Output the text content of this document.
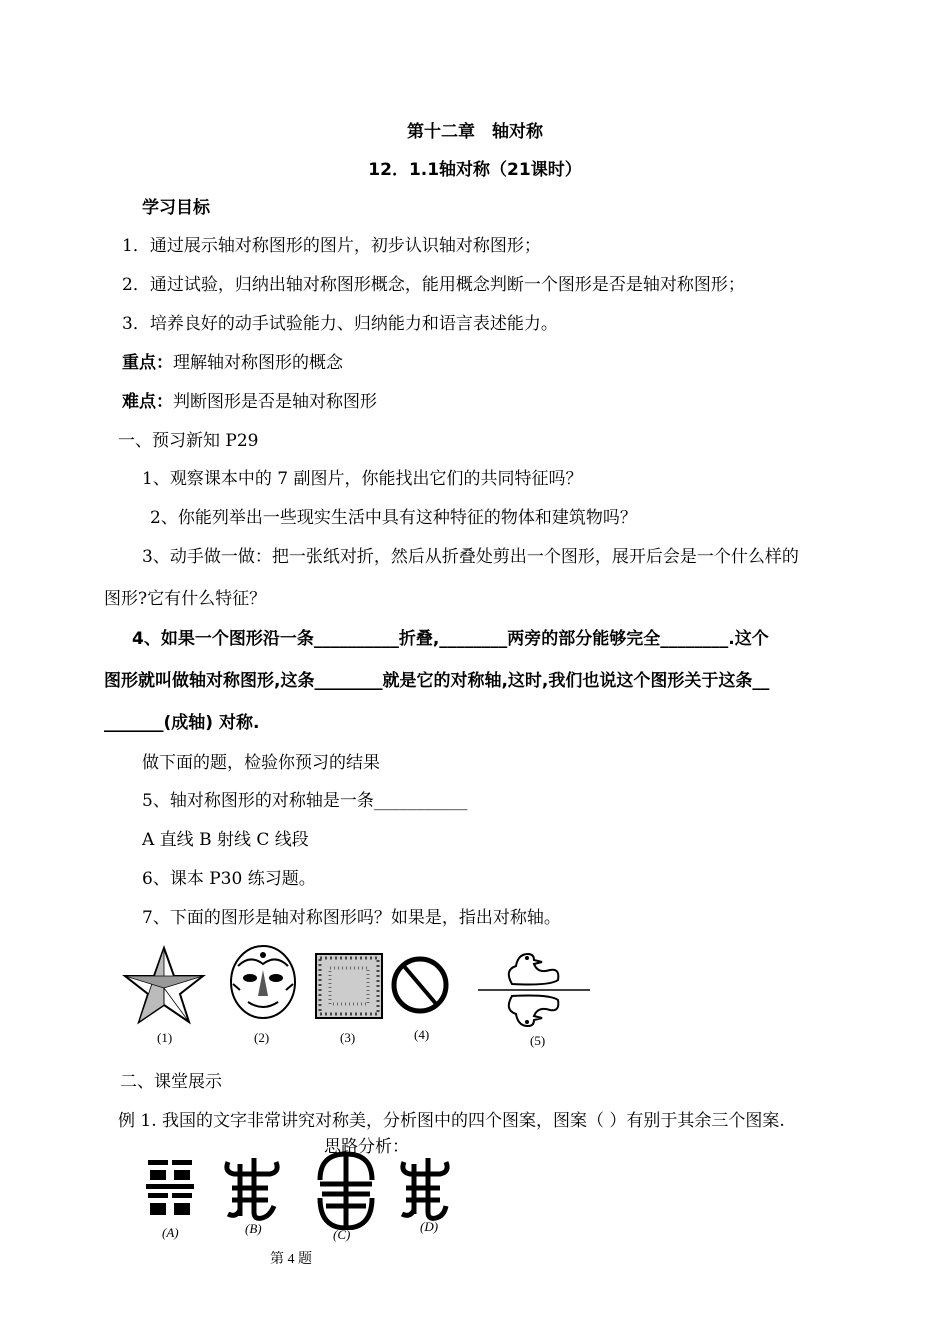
第十二章　轴对称
12．1.1轴对称（21课时）
学习目标
1．通过展示轴对称图形的图片，初步认识轴对称图形；
2．通过试验，归纳出轴对称图形概念，能用概念判断一个图形是否是轴对称图形；
3．培养良好的动手试验能力、归纳能力和语言表述能力。
重点：理解轴对称图形的概念
难点：判断图形是否是轴对称图形
一、预习新知 P29
1、观察课本中的 7 副图片，你能找出它们的共同特征吗？
2、你能列举出一些现实生活中具有这种特征的物体和建筑物吗？
3、动手做一做：把一张纸对折，然后从折叠处剪出一个图形，展开后会是一个什么样的
图形?它有什么特征？
4、如果一个图形沿一条__________折叠,________两旁的部分能够完全________.这个
图形就叫做轴对称图形,这条________就是它的对称轴,这时,我们也说这个图形关于这条__
_______(成轴) 对称.
做下面的题，检验你预习的结果
5、轴对称图形的对称轴是一条___________
A 直线 B 射线 C 线段
6、课本 P30 练习题。
7、下面的图形是轴对称图形吗？如果是，指出对称轴。
(1)	(2)	(3)	(4)	(5)
二、课堂展示
例 1. 我国的文字非常讲究对称美，分析图中的四个图案，图案（ ）有别于其余三个图案.
思路分析：
(A)	(B)	(C)
(D)
第 4 题
